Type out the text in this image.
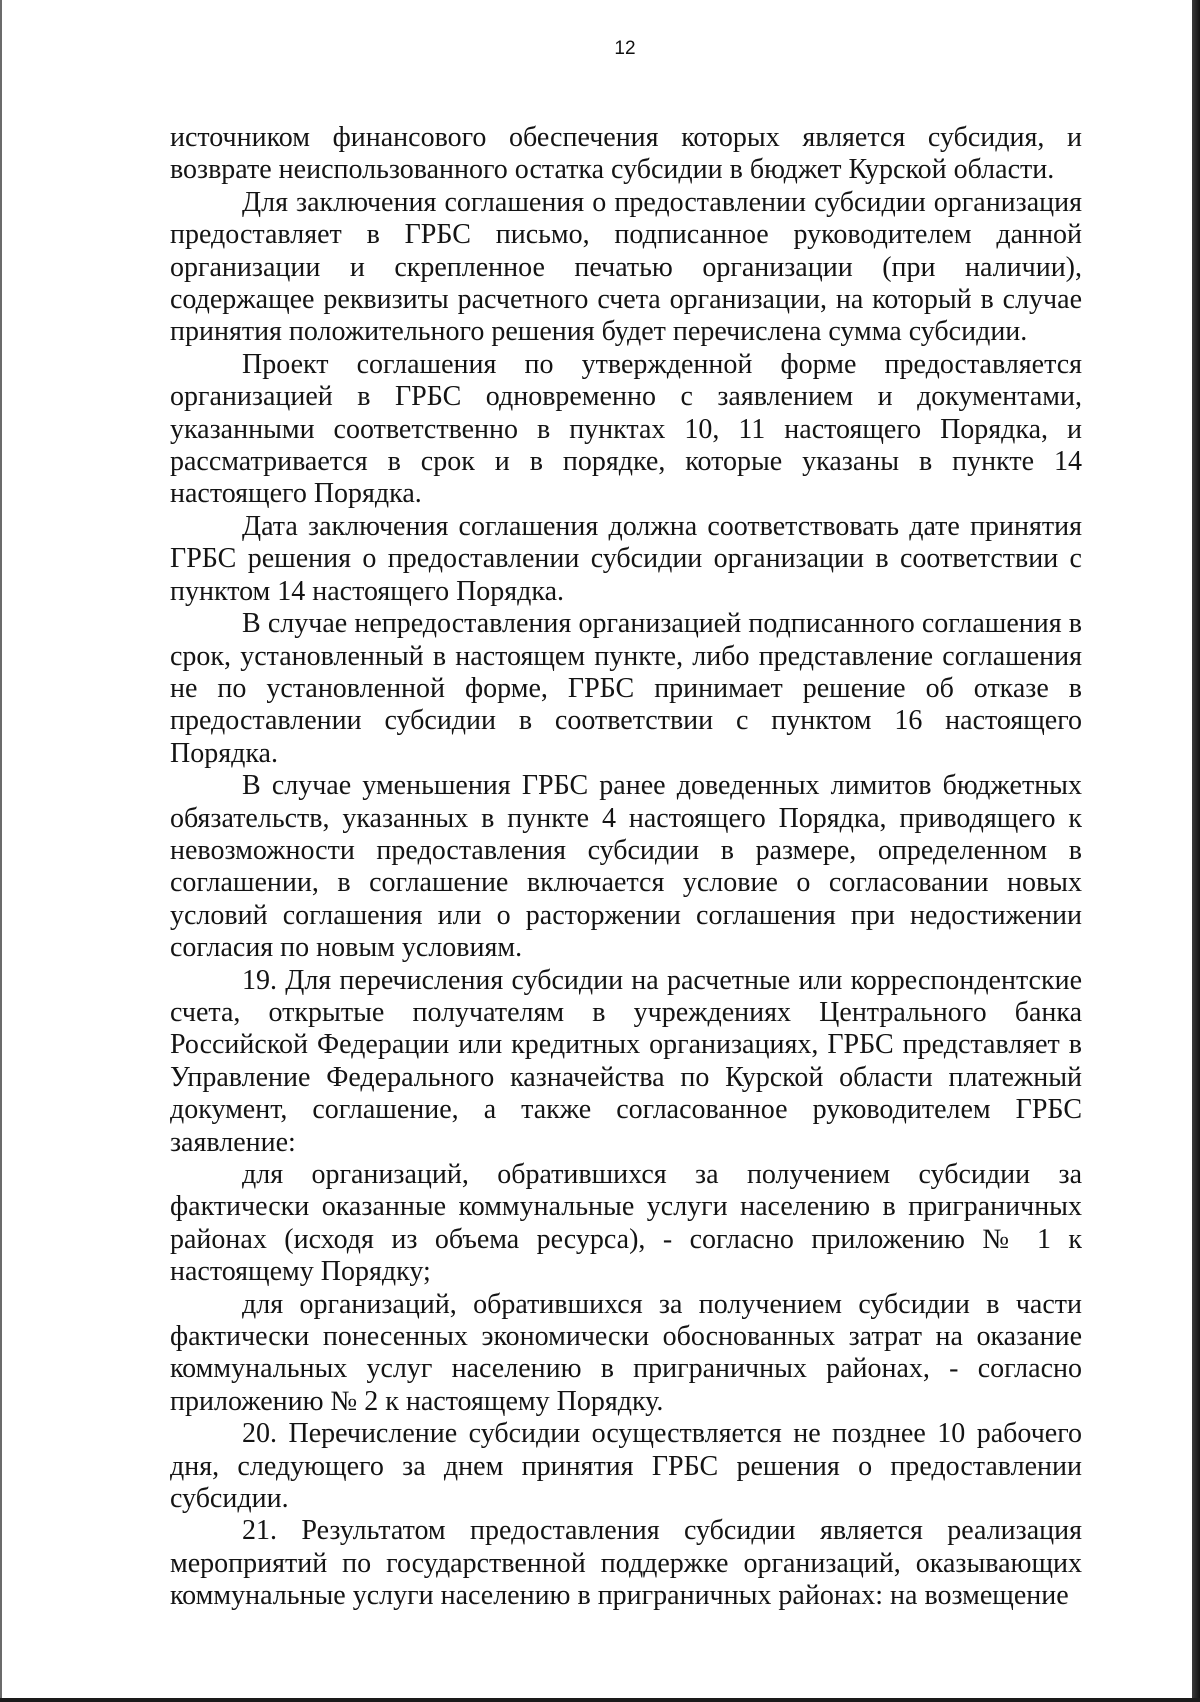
12

источником финансового обеспечения которых является субсидия, и возврате неиспользованного остатка субсидии в бюджет Курской области.

Для заключения соглашения о предоставлении субсидии организация предоставляет в ГРБС письмо, подписанное руководителем данной организации и скрепленное печатью организации (при наличии), содержащее реквизиты расчетного счета организации, на который в случае принятия положительного решения будет перечислена сумма субсидии.

Проект соглашения по утвержденной форме предоставляется организацией в ГРБС одновременно с заявлением и документами, указанными соответственно в пунктах 10, 11 настоящего Порядка, и рассматривается в срок и в порядке, которые указаны в пункте 14 настоящего Порядка.

Дата заключения соглашения должна соответствовать дате принятия ГРБС решения о предоставлении субсидии организации в соответствии с пунктом 14 настоящего Порядка.

В случае непредоставления организацией подписанного соглашения в срок, установленный в настоящем пункте, либо представление соглашения не по установленной форме, ГРБС принимает решение об отказе в предоставлении субсидии в соответствии с пунктом 16 настоящего Порядка.

В случае уменьшения ГРБС ранее доведенных лимитов бюджетных обязательств, указанных в пункте 4 настоящего Порядка, приводящего к невозможности предоставления субсидии в размере, определенном в соглашении, в соглашение включается условие о согласовании новых условий соглашения или о расторжении соглашения при недостижении согласия по новым условиям.

19. Для перечисления субсидии на расчетные или корреспондентские счета, открытые получателям в учреждениях Центрального банка Российской Федерации или кредитных организациях, ГРБС представляет в Управление Федерального казначейства по Курской области платежный документ, соглашение, а также согласованное руководителем ГРБС заявление:

для организаций, обратившихся за получением субсидии за фактически оказанные коммунальные услуги населению в приграничных районах (исходя из объема ресурса), - согласно приложению № 1 к настоящему Порядку;

для организаций, обратившихся за получением субсидии в части фактически понесенных экономически обоснованных затрат на оказание коммунальных услуг населению в приграничных районах, - согласно приложению № 2 к настоящему Порядку.

20. Перечисление субсидии осуществляется не позднее 10 рабочего дня, следующего за днем принятия ГРБС решения о предоставлении субсидии.

21. Результатом предоставления субсидии является реализация мероприятий по государственной поддержке организаций, оказывающих коммунальные услуги населению в приграничных районах: на возмещение
